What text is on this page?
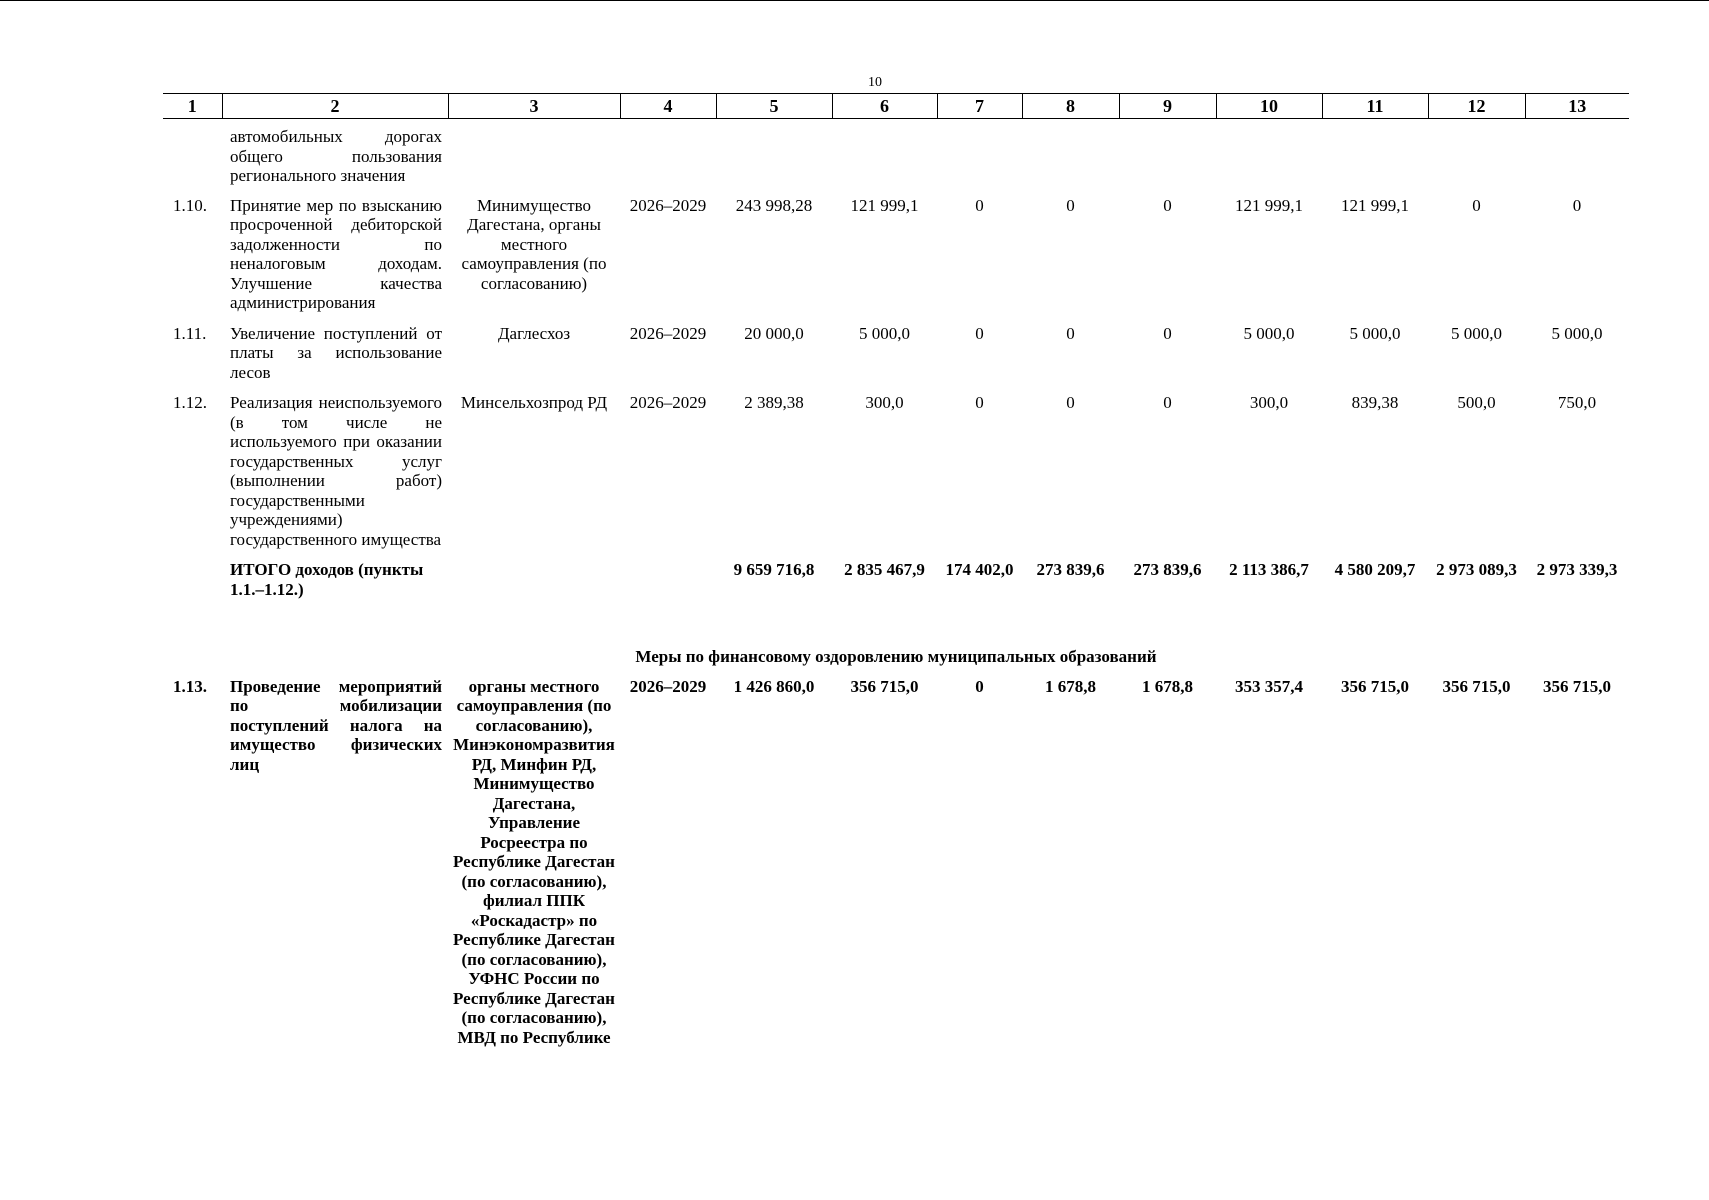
10
1	2	3	4	5	6	7	8	9	10	11	12	13
	автомобильных дорогах общего пользования регионального значения											
1.10.	Принятие мер по взысканию просроченной дебиторской задолженности по неналоговым доходам. Улучшение качества администрирования	Минимущество Дагестана, органы местного самоуправления (по согласованию)	2026–2029	243 998,28	121 999,1	0	0	0	121 999,1	121 999,1	0	0
1.11.	Увеличение поступлений от платы за использование лесов	Даглесхоз	2026–2029	20 000,0	5 000,0	0	0	0	5 000,0	5 000,0	5 000,0	5 000,0
1.12.	Реализация неиспользуемого (в том числе не используемого при оказании государственных услуг (выполнении работ) государственными учреждениями) государственного имущества	Минсельхозпрод РД	2026–2029	2 389,38	300,0	0	0	0	300,0	839,38	500,0	750,0
	ИТОГО доходов (пункты 1.1.–1.12.)			9 659 716,8	2 835 467,9	174 402,0	273 839,6	273 839,6	2 113 386,7	4 580 209,7	2 973 089,3	2 973 339,3
Меры по финансовому оздоровлению муниципальных образований												
1.13.	Проведение мероприятий по мобилизации поступлений налога на имущество физических лиц	органы местного самоуправления (по согласованию), Минэкономразвития РД, Минфин РД, Минимущество Дагестана, Управление Росреестра по Республике Дагестан (по согласованию), филиал ППК «Роскадастр» по Республике Дагестан (по согласованию), УФНС России по Республике Дагестан (по согласованию), МВД по Республике	2026–2029	1 426 860,0	356 715,0	0	1 678,8	1 678,8	353 357,4	356 715,0	356 715,0	356 715,0
